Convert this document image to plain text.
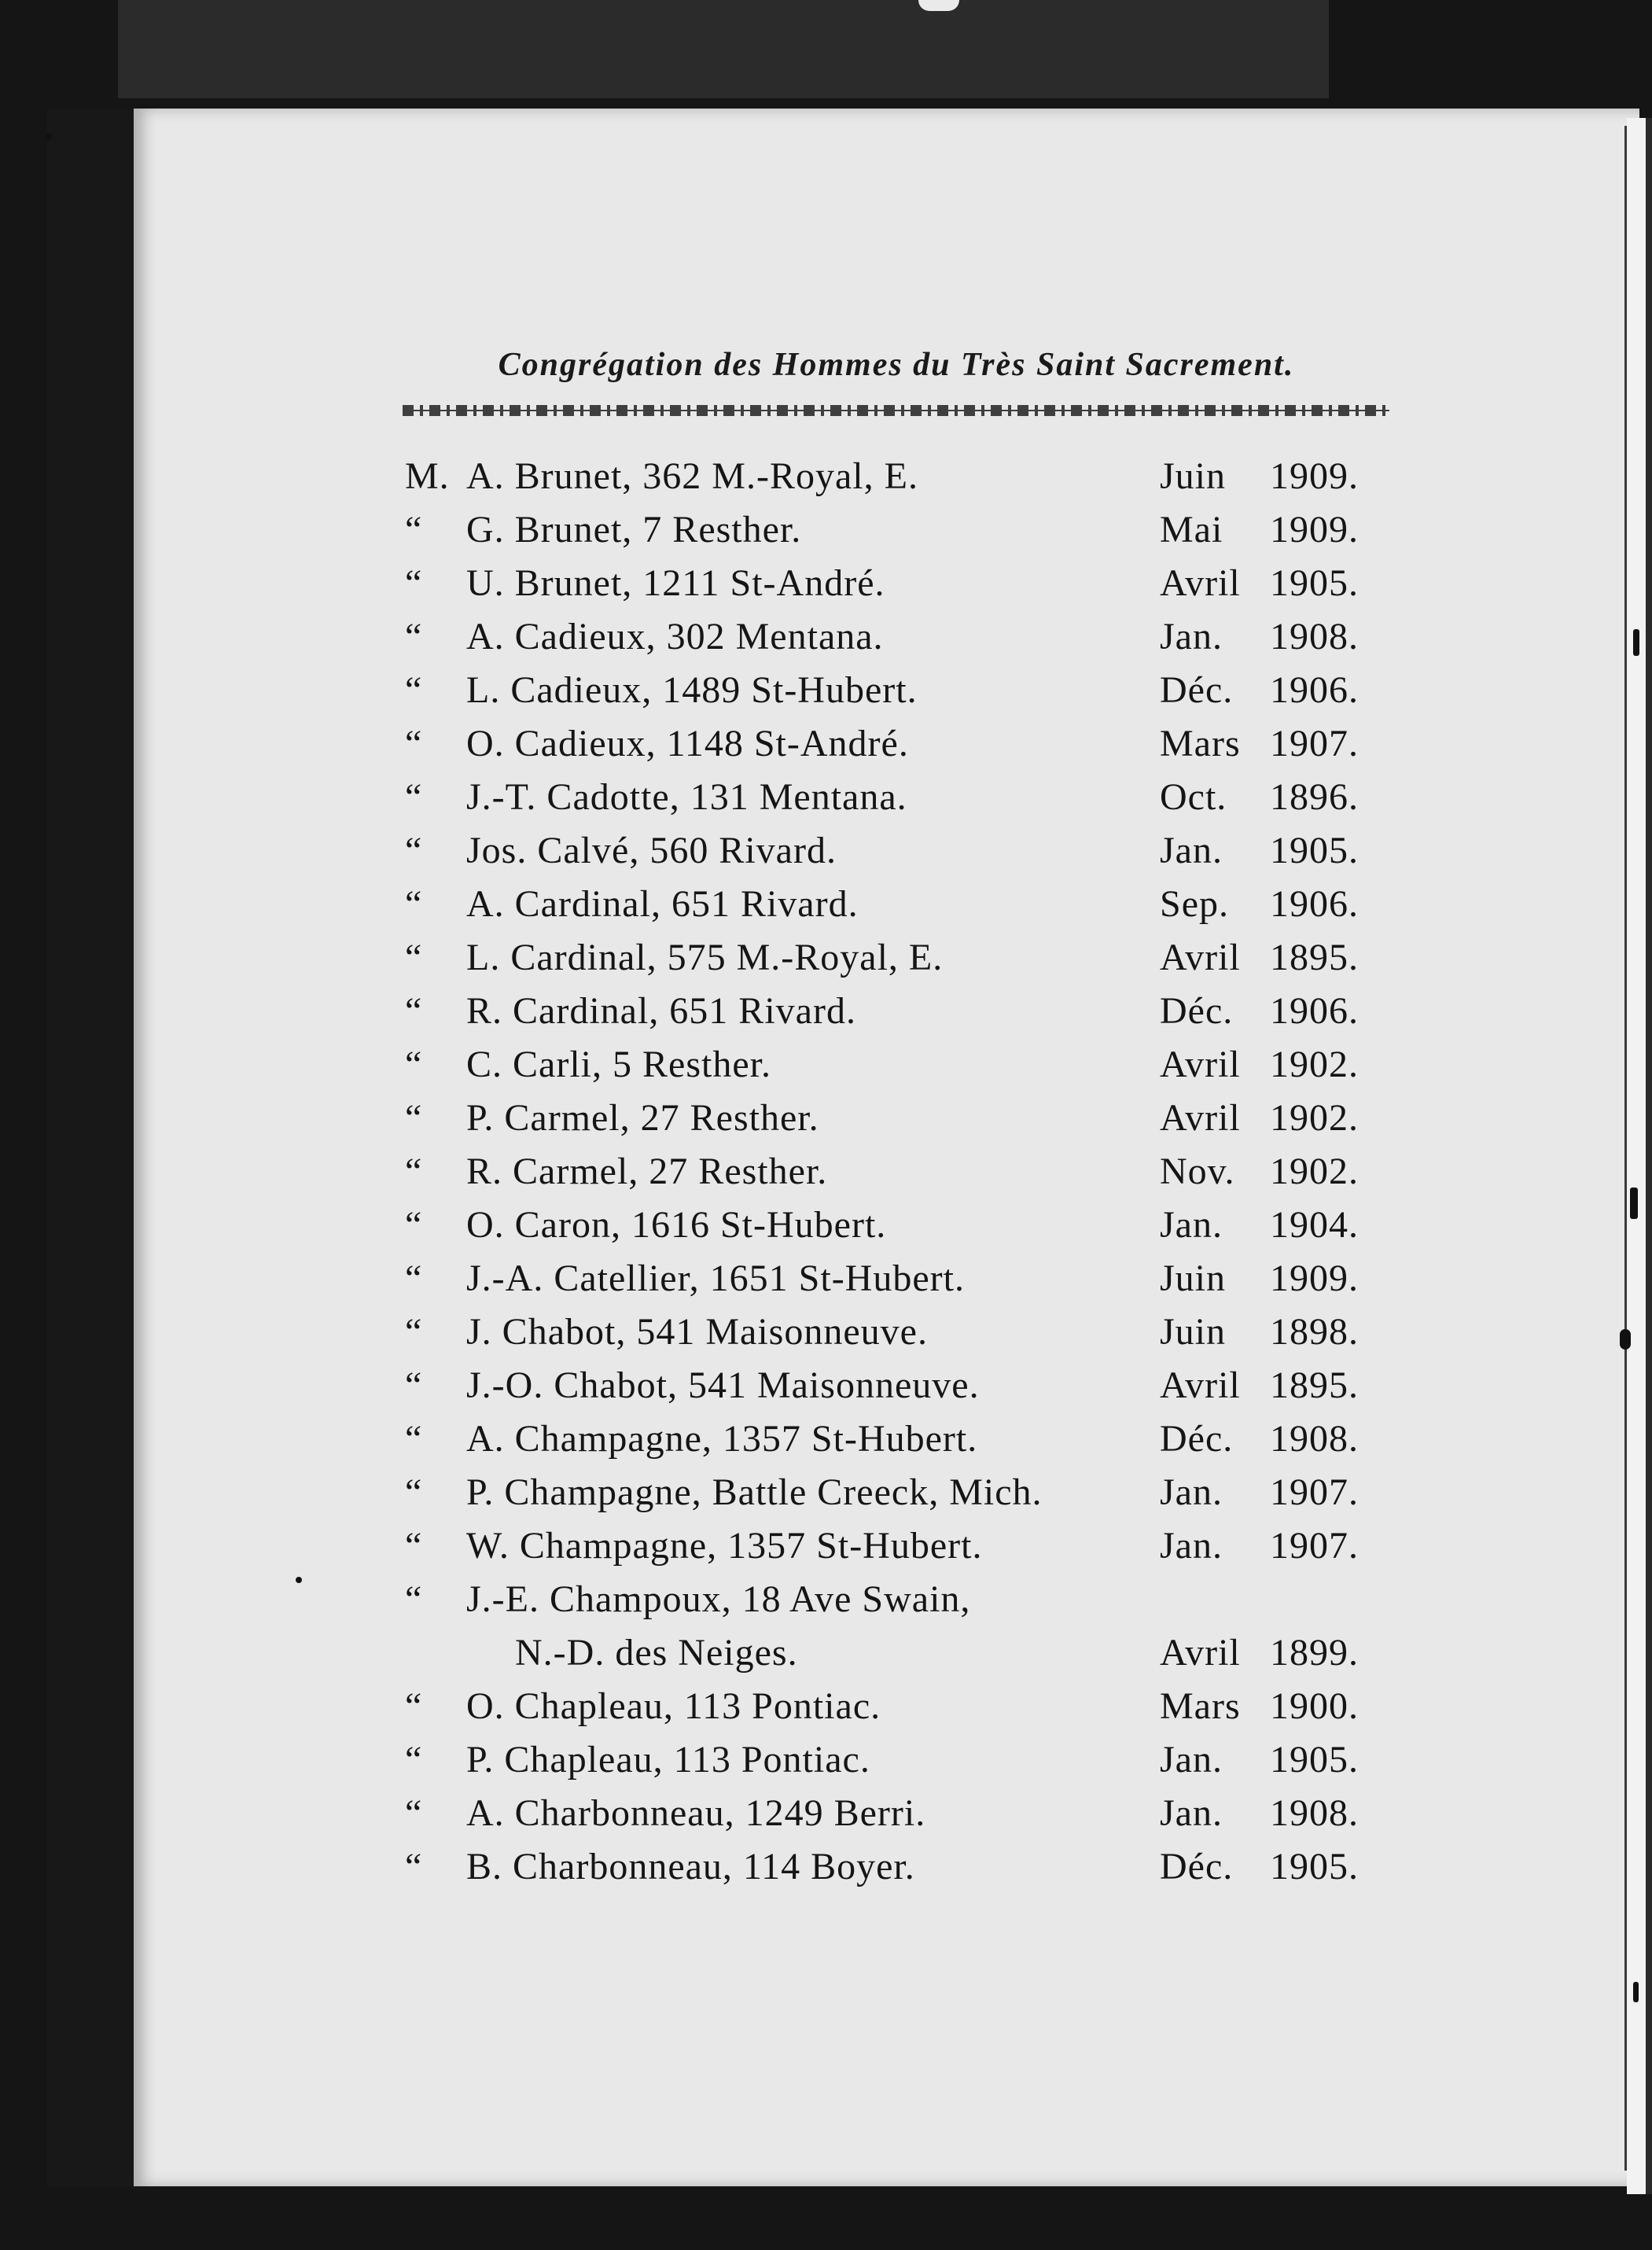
Congrégation des Hommes du Très Saint Sacrement.
M. A. Brunet, 362 M.-Royal, E.	Juin 1909.
“	G. Brunet, 7 Resther.	Mai 1909.
“	U. Brunet, 1211 St-André.	Avril 1905.
“	A. Cadieux, 302 Mentana.	Jan. 1908.
“	L. Cadieux, 1489 St-Hubert.	Déc. 1906.
“	O. Cadieux, 1148 St-André.	Mars 1907.
“	J.-T. Cadotte, 131 Mentana.	Oct. 1896.
“	Jos. Calvé, 560 Rivard.	Jan. 1905.
“	A. Cardinal, 651 Rivard.	Sep. 1906.
“	L. Cardinal, 575 M.-Royal, E.	Avril 1895.
“	R. Cardinal, 651 Rivard.	Déc. 1906.
“	C. Carli, 5 Resther.	Avril 1902.
“	P. Carmel, 27 Resther.	Avril 1902.
“	R. Carmel, 27 Resther.	Nov. 1902.
“	O. Caron, 1616 St-Hubert.	Jan. 1904.
“	J.-A. Catellier, 1651 St-Hubert.	Juin 1909.
“	J. Chabot, 541 Maisonneuve.	Juin 1898.
“	J.-O. Chabot, 541 Maisonneuve.	Avril 1895.
“	A. Champagne, 1357 St-Hubert.	Déc. 1908.
“	P. Champagne, Battle Creeck, Mich.	Jan. 1907.
“	W. Champagne, 1357 St-Hubert.	Jan. 1907.
“	J.-E. Champoux, 18 Ave Swain,
N.-D. des Neiges.	Avril 1899.
“	O. Chapleau, 113 Pontiac.	Mars 1900.
“	P. Chapleau, 113 Pontiac.	Jan. 1905.
“	A. Charbonneau, 1249 Berri.	Jan. 1908.
“	B. Charbonneau, 114 Boyer.	Déc. 1905.
